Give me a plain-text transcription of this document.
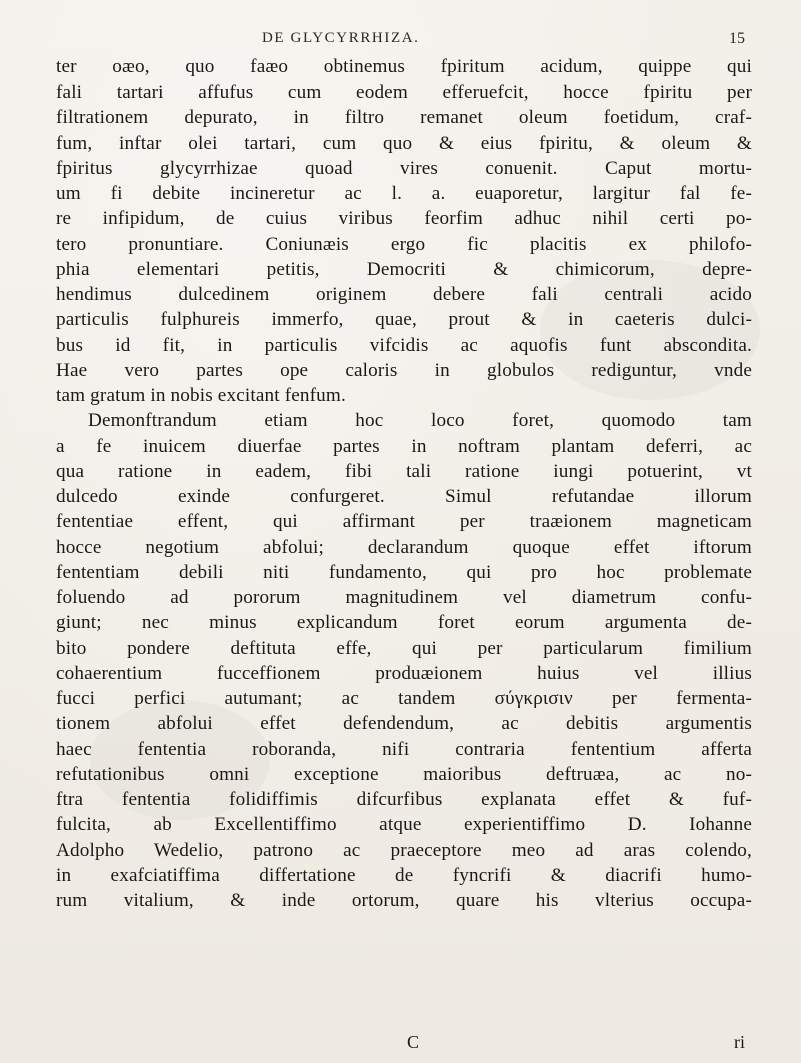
DE GLYCYRRHIZA.	15
ter oæo, quo faæo obtinemus fpiritum acidum, quippe qui
fali tartari affufus cum eodem efferuefcit, hocce fpiritu per
filtrationem depurato, in filtro remanet oleum foetidum, craf-
fum, inftar olei tartari, cum quo & eius fpiritu, & oleum &
fpiritus glycyrrhizae quoad vires conuenit. Caput mortu-
um fi debite incineretur ac l. a. euaporetur, largitur fal fe-
re infipidum, de cuius viribus feorfim adhuc nihil certi po-
tero pronuntiare. Coniunæis ergo fic placitis ex philofo-
phia elementari petitis, Democriti & chimicorum, depre-
hendimus dulcedinem originem debere fali centrali acido
particulis fulphureis immerfo, quae, prout & in caeteris dulci-
bus id fit, in particulis vifcidis ac aquofis funt abscondita.
Hae vero partes ope caloris in globulos rediguntur, vnde
tam gratum in nobis excitant fenfum.
Demonftrandum etiam hoc loco foret, quomodo tam
a fe inuicem diuerfae partes in noftram plantam deferri, ac
qua ratione in eadem, fibi tali ratione iungi potuerint, vt
dulcedo exinde confurgeret. Simul refutandae illorum
fententiae effent, qui affirmant per traæionem magneticam
hocce negotium abfolui; declarandum quoque effet iftorum
fententiam debili niti fundamento, qui pro hoc problemate
foluendo ad pororum magnitudinem vel diametrum confu-
giunt; nec minus explicandum foret eorum argumenta de-
bito pondere deftituta effe, qui per particularum fimilium
cohaerentium fucceffionem produæionem huius vel illius
fucci perfici autumant; ac tandem σύγκρισιν per fermenta-
tionem abfolui effet defendendum, ac debitis argumentis
haec fententia roboranda, nifi contraria fententium afferta
refutationibus omni exceptione maioribus deftruæa, ac no-
ftra fententia folidiffimis difcurfibus explanata effet & fuf-
fulcita, ab Excellentiffimo atque experientiffimo D. Iohanne
Adolpho Wedelio, patrono ac praeceptore meo ad aras colendo,
in exafciatiffima differtatione de fyncrifi & diacrifi humo-
rum vitalium, & inde ortorum, quare his vlterius occupa-
C	ri
